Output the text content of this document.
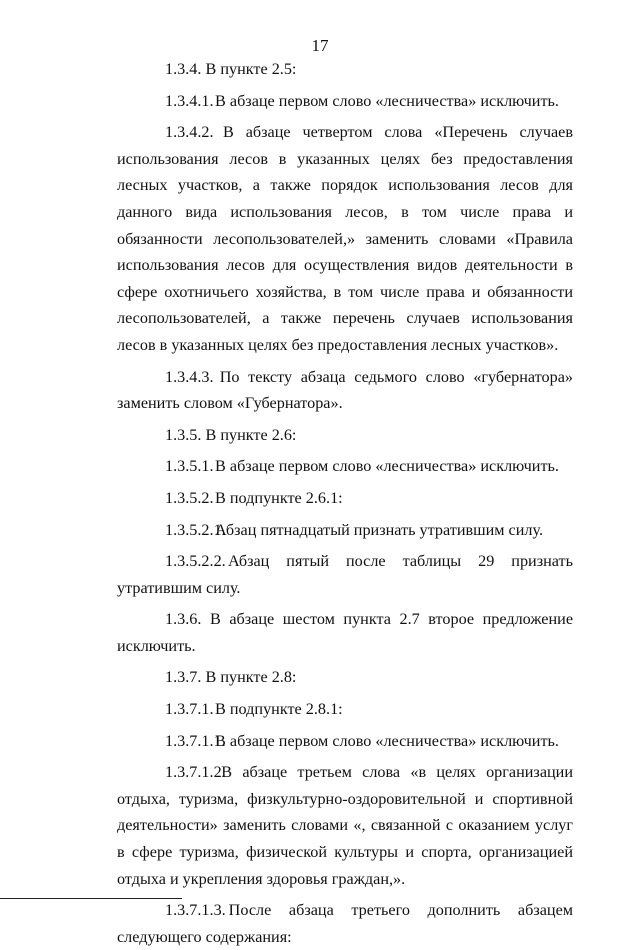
17

1.3.4. В пункте 2.5:

1.3.4.1. В абзаце первом слово «лесничества» исключить.

1.3.4.2. В абзаце четвертом слова «Перечень случаев использования лесов в указанных целях без предоставления лесных участков, а также порядок использования лесов для данного вида использования лесов, в том числе права и обязанности лесопользователей,» заменить словами «Правила использования лесов для осуществления видов деятельности в сфере охотничьего хозяйства, в том числе права и обязанности лесопользователей, а также перечень случаев использования лесов в указанных целях без предоставления лесных участков».

1.3.4.3. По тексту абзаца седьмого слово «губернатора» заменить словом «Губернатора».

1.3.5. В пункте 2.6:

1.3.5.1. В абзаце первом слово «лесничества» исключить.

1.3.5.2. В подпункте 2.6.1:

1.3.5.2.1. Абзац пятнадцатый признать утратившим силу.

1.3.5.2.2. Абзац пятый после таблицы 29 признать утратившим силу.

1.3.6. В абзаце шестом пункта 2.7 второе предложение исключить.

1.3.7. В пункте 2.8:

1.3.7.1. В подпункте 2.8.1:

1.3.7.1.1. В абзаце первом слово «лесничества» исключить.

1.3.7.1.2. В абзаце третьем слова «в целях организации отдыха, туризма, физкультурно-оздоровительной и спортивной деятельности» заменить словами «, связанной с оказанием услуг в сфере туризма, физической культуры и спорта, организацией отдыха и укрепления здоровья граждан,».

1.3.7.1.3. После абзаца третьего дополнить абзацем следующего содержания:
